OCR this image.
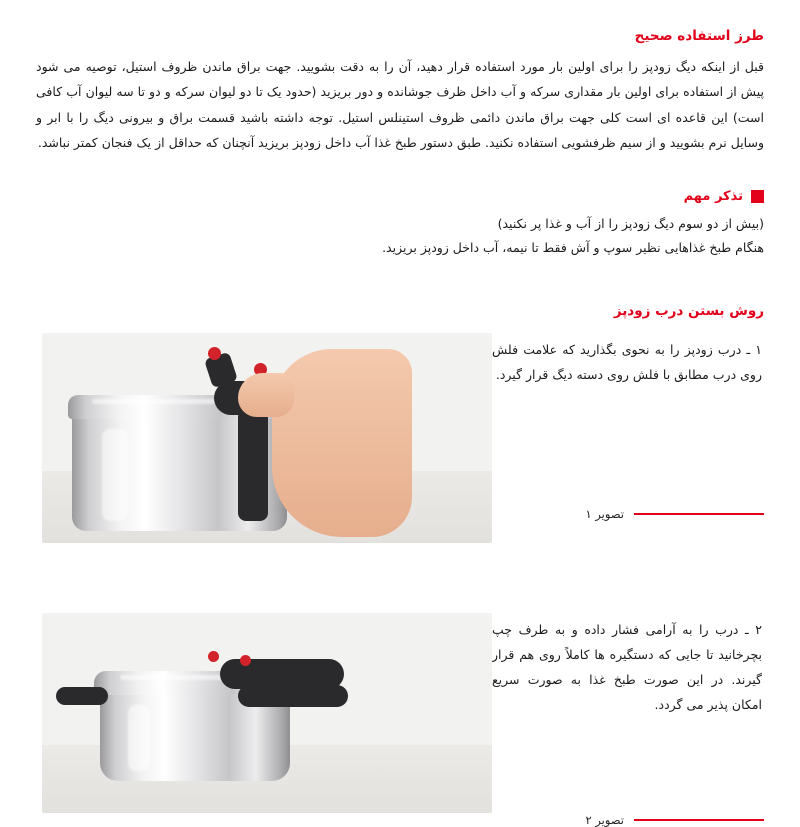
طرز استفاده صحیح

قبل از اینکه دیگ زودپز را برای اولین بار مورد استفاده قرار دهید، آن را به دقت بشویید. جهت براق ماندن ظروف استیل، توصیه می شود پیش از استفاده برای اولین بار مقداری سرکه و آب داخل ظرف جوشانده و دور بریزید (حدود یک تا دو لیوان سرکه و دو تا سه لیوان آب کافی است) این قاعده ای است کلی جهت براق ماندن دائمی ظروف استینلس استیل. توجه داشته باشید قسمت براق و بیرونی دیگ را با ابر و وسایل نرم بشویید و از سیم ظرفشویی استفاده نکنید. طبق دستور طبخ غذا آب داخل زودپز بریزید آنچنان که حداقل از یک فنجان کمتر نباشد.

تذکر مهم
(بیش از دو سوم دیگ زودپز را از آب و غذا پر نکنید)
هنگام طبخ غذاهایی نظیر سوپ و آش فقط تا نیمه، آب داخل زودپز بریزید.
روش بستن درب زودپز
۱ ـ درب زودپز را به نحوی بگذارید که علامت فلش روی درب مطابق با فلش روی دسته دیگ قرار گیرد.
تصویر ۱
۲ ـ درب را به آرامی فشار داده و به طرف چپ بچرخانید تا جایی که دستگیره ها کاملاً روی هم قرار گیرند. در این صورت طبخ غذا به صورت سریع امکان پذیر می گردد.
تصویر ۲
